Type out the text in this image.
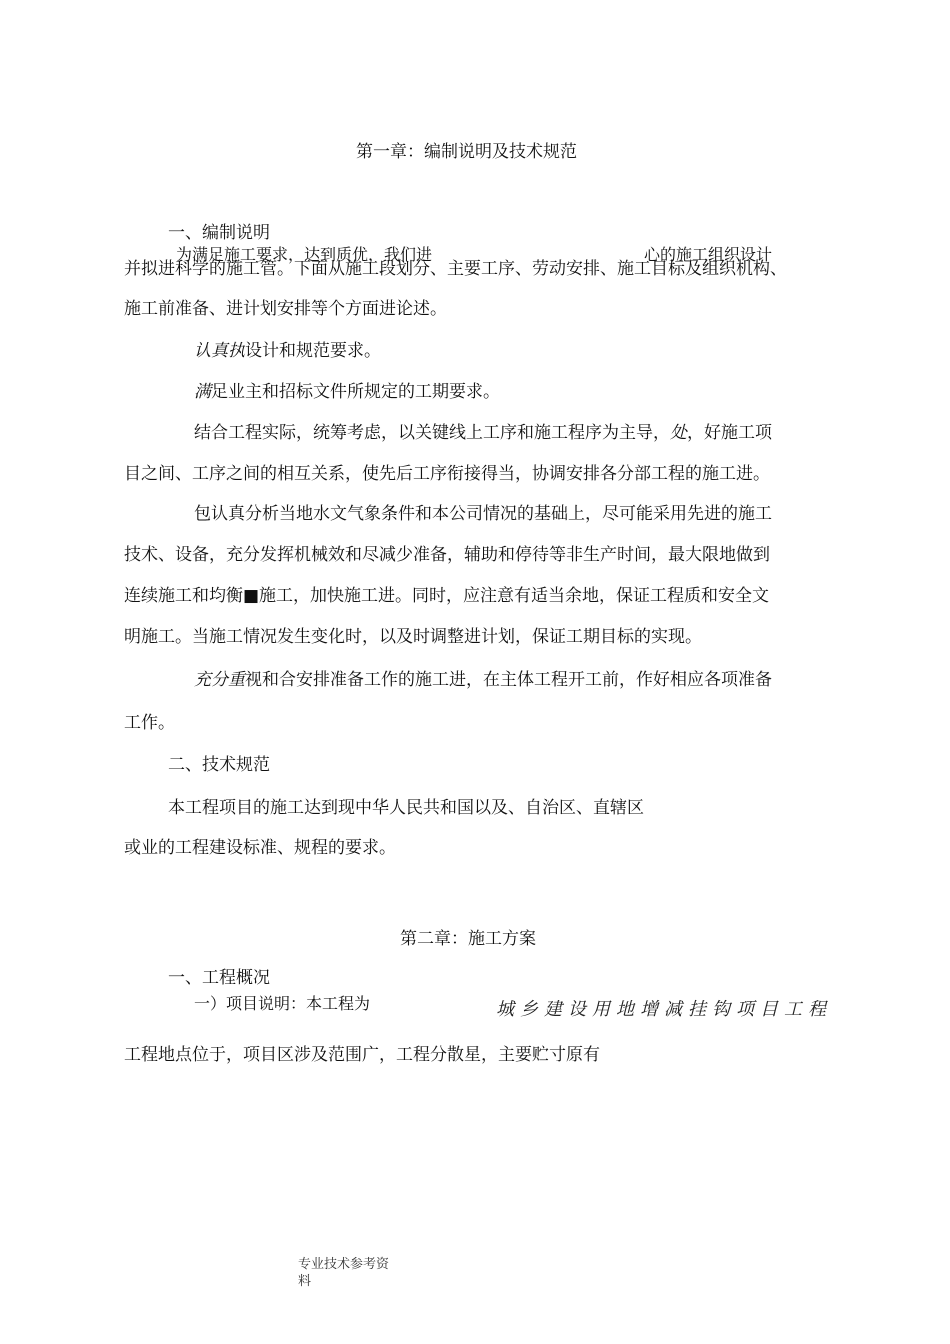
第一章：编制说明及技术规范
一、编制说明
为满足施工要求，达到质优，我们进	心的施工组织设计
并拟进科学的施工管。下面从施工段划分、主要工序、劳动安排、施工目标及组织机构、
施工前准备、进计划安排等个方面进论述。
认真执设计和规范要求。
满足业主和招标文件所规定的工期要求。
结合工程实际，统筹考虑，以关键线上工序和施工程序为主导，处，好施工项
目之间、工序之间的相互关系，使先后工序衔接得当，协调安排各分部工程的施工进。
包认真分析当地水文气象条件和本公司情况的基础上，尽可能采用先进的施工
技术、设备，充分发挥机械效和尽减少准备，辅助和停待等非生产时间，最大限地做到
连续施工和均衡■施工，加快施工进。同时，应注意有适当余地，保证工程质和安全文
明施工。当施工情况发生变化时，以及时调整进计划，保证工期目标的实现。
充分重视和合安排准备工作的施工进，在主体工程开工前，作好相应各项准备
工作。
二、技术规范
本工程项目的施工达到现中华人民共和国以及、自治区、直辖区
或业的工程建设标准、规程的要求。
第二章：施工方案
一、工程概况
一）项目说明：本工程为	城乡建设用地增减挂钩项目工程
工程地点位于，项目区涉及范围广，工程分散星，主要贮寸原有
专业技术参考资
料
